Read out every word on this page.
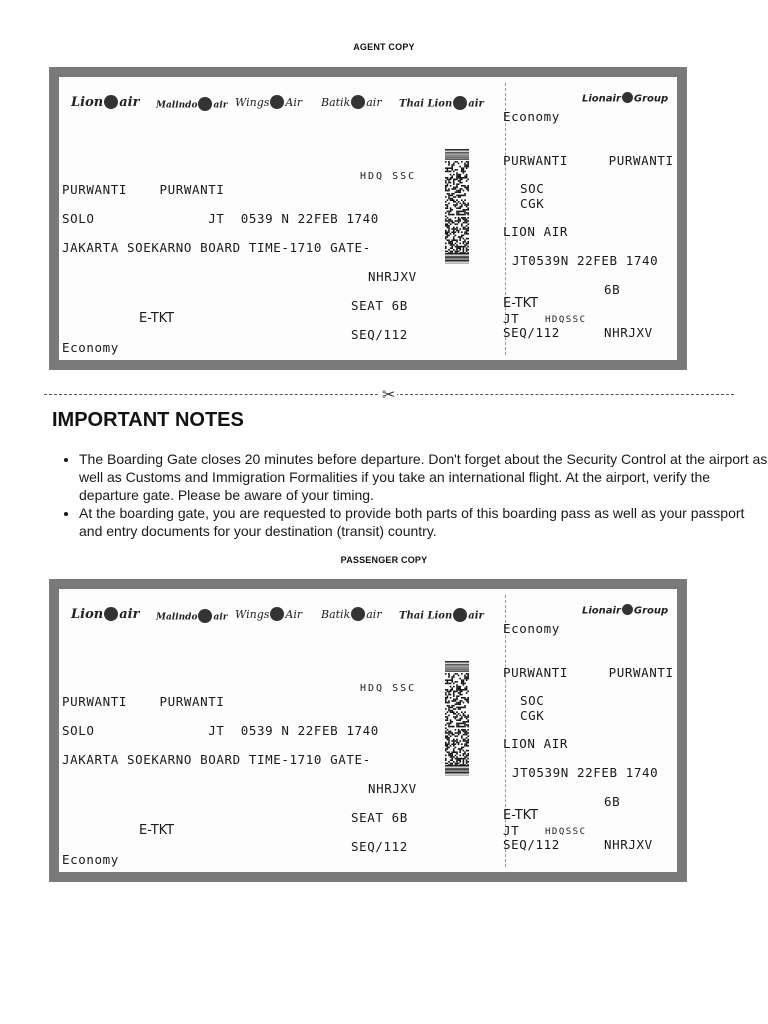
AGENT COPY
Lion air Malindo air Wings Air Batik air Thai Lion air	Lionair Group
HDQ SSC
PURWANTI    PURWANTI
SOLO              JT  0539 N 22FEB 1740
JAKARTA SOEKARNO BOARD TIME-1710 GATE-
NHRJXV
SEAT 6B
E-TKT
SEQ/112
Economy
Economy
PURWANTI     PURWANTI
SOC
CGK
LION AIR
JT0539N 22FEB 1740
6B
E-TKT
JT	HDQSSC
SEQ/112	NHRJXV
✂
IMPORTANT NOTES
• The Boarding Gate closes 20 minutes before departure. Don't forget about the Security Control at the airport as well as Customs and Immigration Formalities if you take an international flight. At the airport, verify the departure gate. Please be aware of your timing.
• At the boarding gate, you are requested to provide both parts of this boarding pass as well as your passport and entry documents for your destination (transit) country.
PASSENGER COPY
Lion air Malindo air Wings Air Batik air Thai Lion air	Lionair Group
HDQ SSC
PURWANTI    PURWANTI
SOLO              JT  0539 N 22FEB 1740
JAKARTA SOEKARNO BOARD TIME-1710 GATE-
NHRJXV
SEAT 6B
E-TKT
SEQ/112
Economy
Economy
PURWANTI     PURWANTI
SOC
CGK
LION AIR
JT0539N 22FEB 1740
6B
E-TKT
JT	HDQSSC
SEQ/112	NHRJXV
